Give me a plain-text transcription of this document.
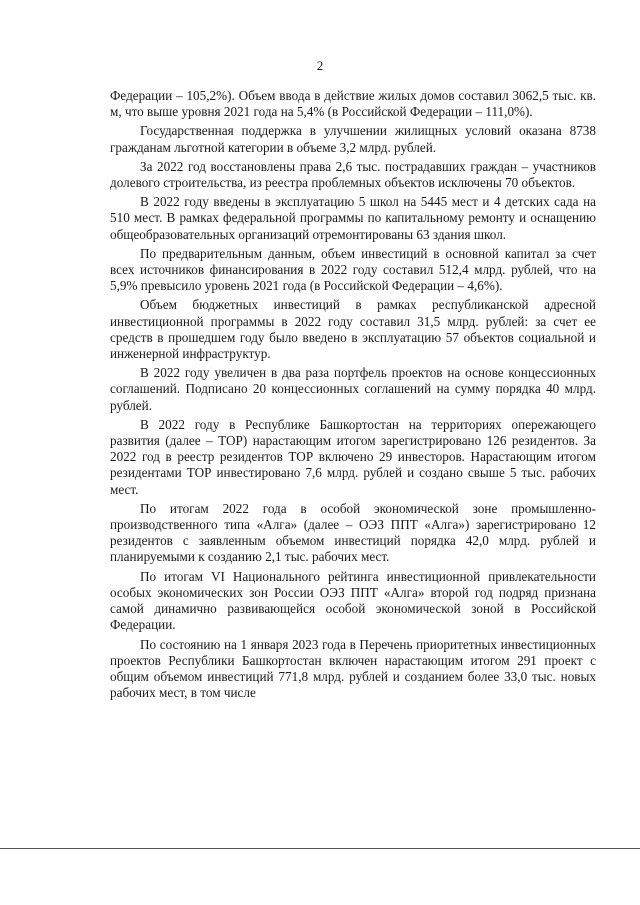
2

Федерации – 105,2%). Объем ввода в действие жилых домов составил 3062,5 тыс. кв. м, что выше уровня 2021 года на 5,4% (в Российской Федерации – 111,0%).

Государственная поддержка в улучшении жилищных условий оказана 8738 гражданам льготной категории в объеме 3,2 млрд. рублей.

За 2022 год восстановлены права 2,6 тыс. пострадавших граждан – участников долевого строительства, из реестра проблемных объектов исключены 70 объектов.

В 2022 году введены в эксплуатацию 5 школ на 5445 мест и 4 детских сада на 510 мест. В рамках федеральной программы по капитальному ремонту и оснащению общеобразовательных организаций отремонтированы 63 здания школ.

По предварительным данным, объем инвестиций в основной капитал за счет всех источников финансирования в 2022 году составил 512,4 млрд. рублей, что на 5,9% превысило уровень 2021 года (в Российской Федерации – 4,6%).

Объем бюджетных инвестиций в рамках республиканской адресной инвестиционной программы в 2022 году составил 31,5 млрд. рублей: за счет ее средств в прошедшем году было введено в эксплуатацию 57 объектов социальной и инженерной инфраструктур.

В 2022 году увеличен в два раза портфель проектов на основе концессионных соглашений. Подписано 20 концессионных соглашений на сумму порядка 40 млрд. рублей.

В 2022 году в Республике Башкортостан на территориях опережающего развития (далее – ТОР) нарастающим итогом зарегистрировано 126 резидентов. За 2022 год в реестр резидентов ТОР включено 29 инвесторов. Нарастающим итогом резидентами ТОР инвестировано 7,6 млрд. рублей и создано свыше 5 тыс. рабочих мест.

По итогам 2022 года в особой экономической зоне промышленно-производственного типа «Алга» (далее – ОЭЗ ППТ «Алга») зарегистрировано 12 резидентов с заявленным объемом инвестиций порядка 42,0 млрд. рублей и планируемыми к созданию 2,1 тыс. рабочих мест.

По итогам VI Национального рейтинга инвестиционной привлекательности особых экономических зон России ОЭЗ ППТ «Алга» второй год подряд признана самой динамично развивающейся особой экономической зоной в Российской Федерации.

По состоянию на 1 января 2023 года в Перечень приоритетных инвестиционных проектов Республики Башкортостан включен нарастающим итогом 291 проект с общим объемом инвестиций 771,8 млрд. рублей и созданием более 33,0 тыс. новых рабочих мест, в том числе
